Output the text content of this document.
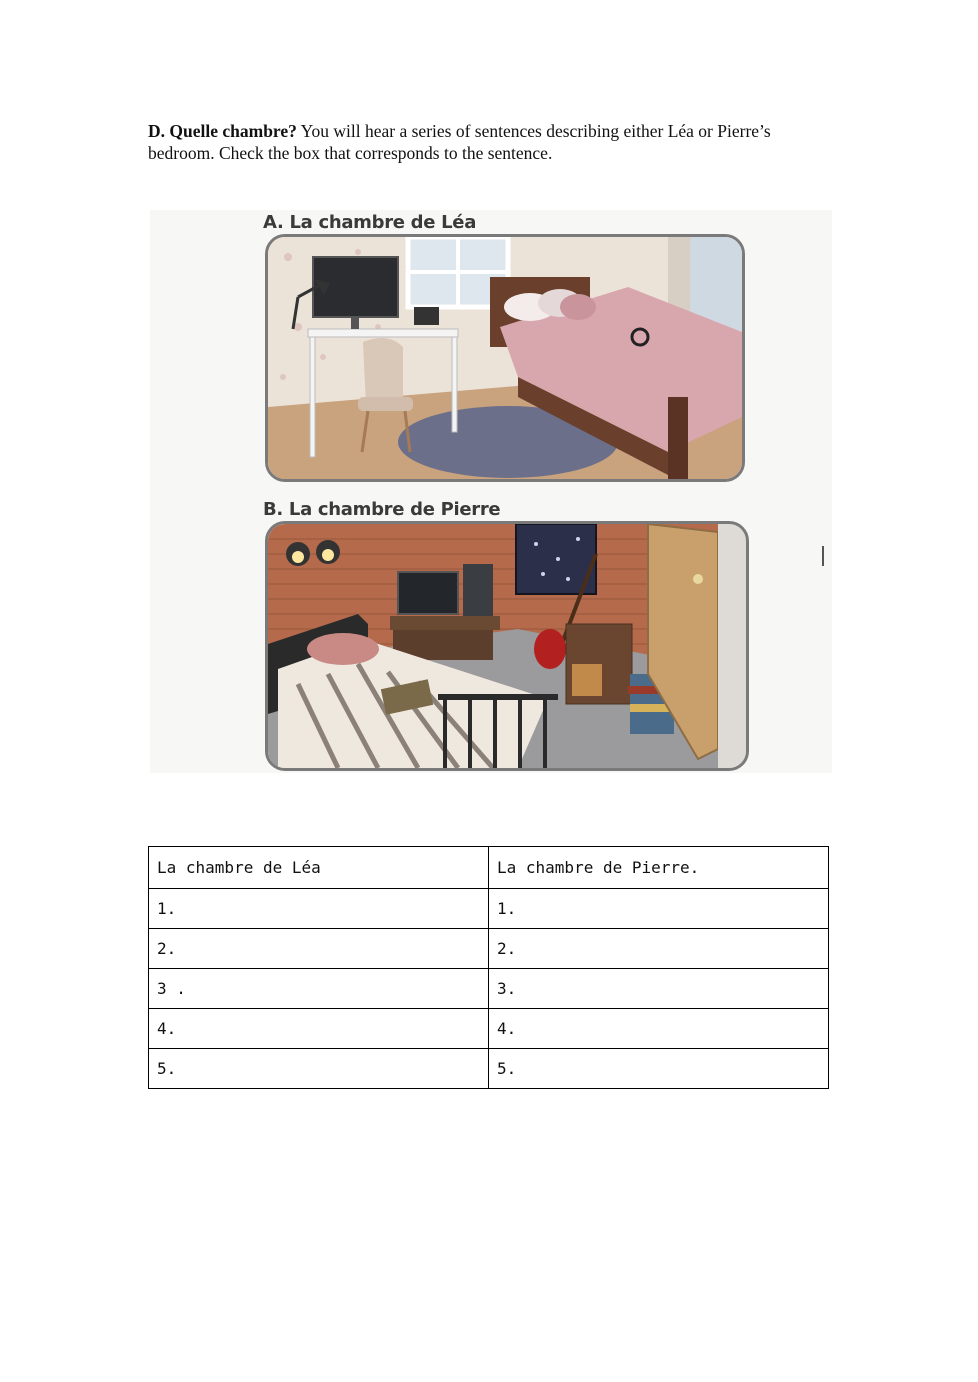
D. Quelle chambre? You will hear a series of sentences describing either Léa or Pierre’s bedroom. Check the box that corresponds to the sentence.
A. La chambre de Léa
B. La chambre de Pierre
La chambre de Léa	La chambre de Pierre.
1.	1.
2.	2.
3 .	3.
4.	4.
5.	5.
